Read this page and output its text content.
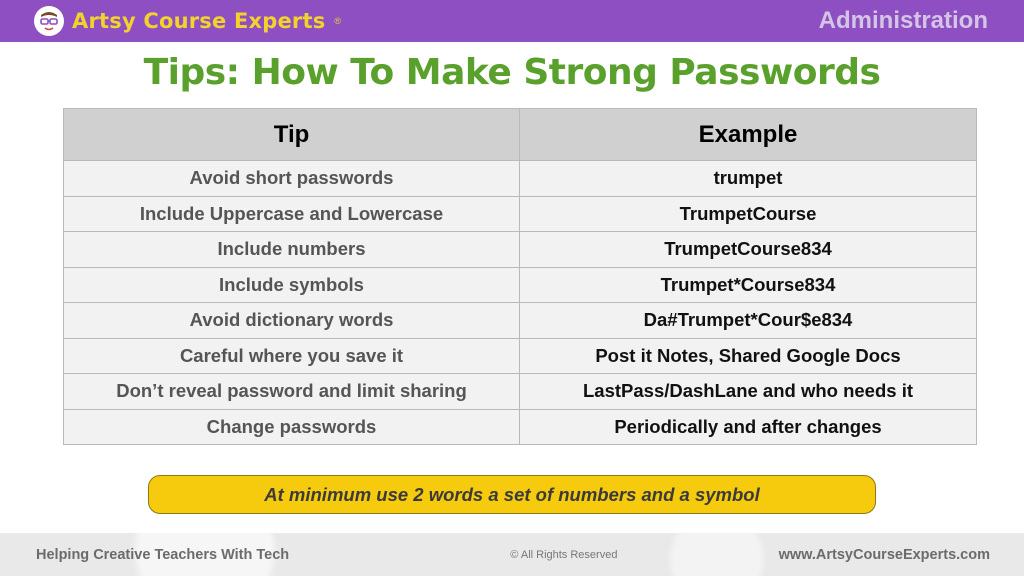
Artsy Course Experts ®	Administration
Tips: How To Make Strong Passwords
Tip	Example
Avoid short passwords	trumpet
Include Uppercase and Lowercase	TrumpetCourse
Include numbers	TrumpetCourse834
Include symbols	Trumpet*Course834
Avoid dictionary words	Da#Trumpet*Cour$e834
Careful where you save it	Post it Notes, Shared Google Docs
Don’t reveal password and limit sharing	LastPass/DashLane and who needs it
Change passwords	Periodically and after changes
At minimum use 2 words a set of numbers and a symbol
Helping Creative Teachers With Tech	© All Rights Reserved	www.ArtsyCourseExperts.com
